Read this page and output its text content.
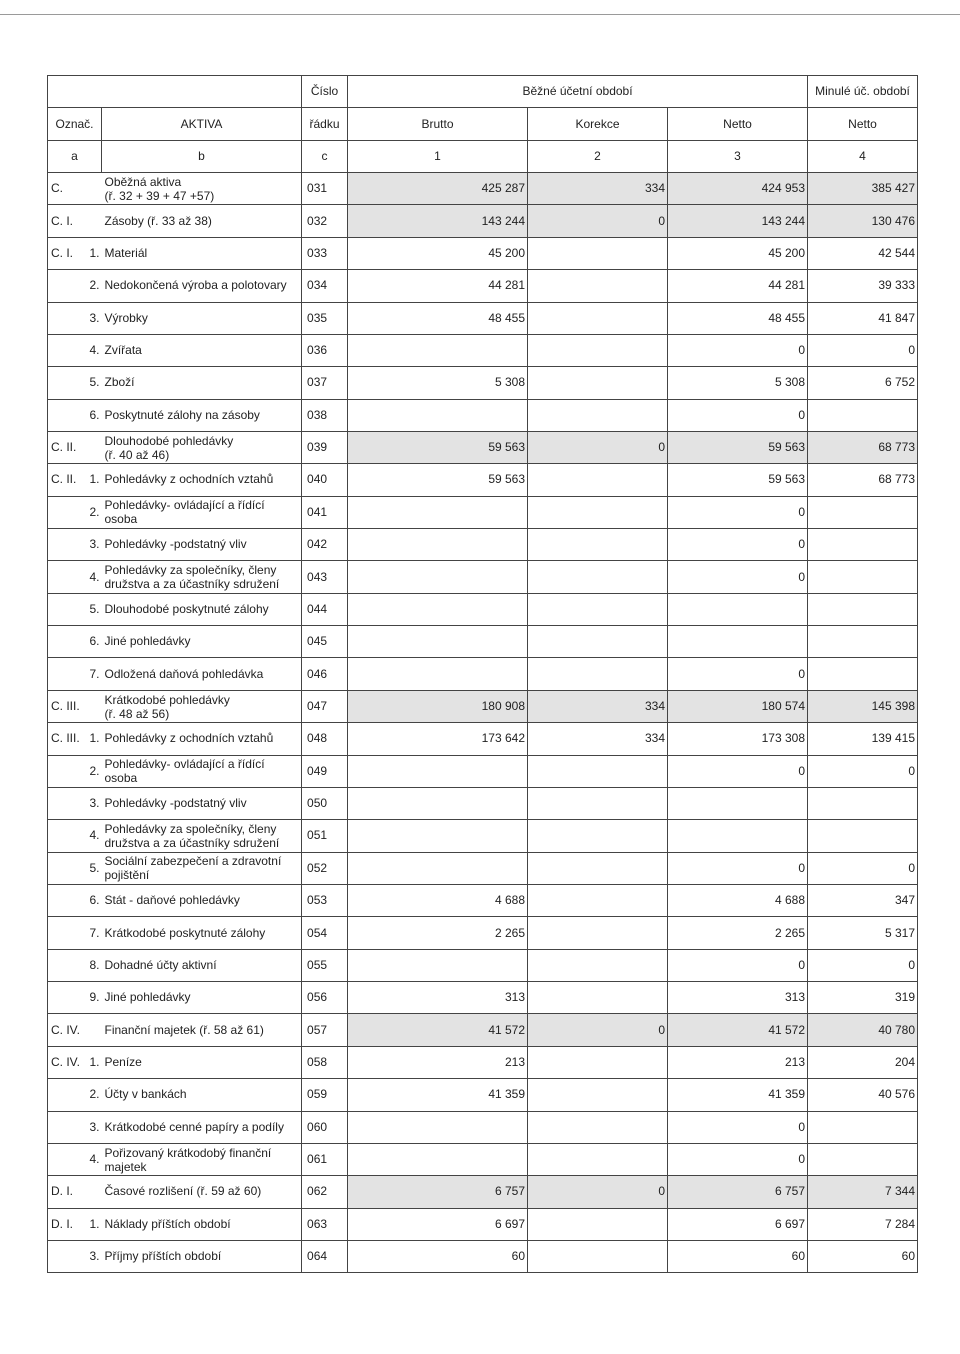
			Číslo	Běžné účetní období			Minulé úč. období
Označ.		AKTIVA	řádku	Brutto	Korekce	Netto	Netto
a		b	c	1	2	3	4
C.		Oběžná aktiva
(ř. 32 + 39 + 47 +57)	031	425 287	334	424 953	385 427
C. I.		Zásoby (ř. 33 až 38)	032	143 244	0	143 244	130 476
C. I.	1.	Materiál	033	45 200		45 200	42 544
	2.	Nedokončená výroba a polotovary	034	44 281		44 281	39 333
	3.	Výrobky	035	48 455		48 455	41 847
	4.	Zvířata	036			0	0
	5.	Zboží	037	5 308		5 308	6 752
	6.	Poskytnuté zálohy na zásoby	038			0	
C. II.		Dlouhodobé pohledávky
(ř. 40 až 46)	039	59 563	0	59 563	68 773
C. II.	1.	Pohledávky z ochodních vztahů	040	59 563		59 563	68 773
	2.	Pohledávky- ovládající a řídící
osoba	041			0	
	3.	Pohledávky -podstatný vliv	042			0	
	4.	Pohledávky za společníky, členy
družstva a za účastníky sdružení	043			0	
	5.	Dlouhodobé poskytnuté zálohy	044				
	6.	Jiné pohledávky	045				
	7.	Odložená daňová pohledávka	046			0	
C. III.		Krátkodobé pohledávky
(ř. 48 až 56)	047	180 908	334	180 574	145 398
C. III.	1.	Pohledávky z ochodních vztahů	048	173 642	334	173 308	139 415
	2.	Pohledávky- ovládající a řídící
osoba	049			0	0
	3.	Pohledávky -podstatný vliv	050				
	4.	Pohledávky za společníky, členy
družstva a za účastníky sdružení	051				
	5.	Sociální zabezpečení a zdravotní
pojištění	052			0	0
	6.	Stát - daňové pohledávky	053	4 688		4 688	347
	7.	Krátkodobé poskytnuté zálohy	054	2 265		2 265	5 317
	8.	Dohadné účty aktivní	055			0	0
	9.	Jiné pohledávky	056	313		313	319
C. IV.		Finanční majetek (ř. 58 až 61)	057	41 572	0	41 572	40 780
C. IV.	1.	Peníze	058	213		213	204
	2.	Účty v bankách	059	41 359		41 359	40 576
	3.	Krátkodobé cenné papíry a podíly	060			0	
	4.	Pořizovaný krátkodobý finanční
majetek	061			0	
D. I.		Časové rozlišení (ř. 59 až 60)	062	6 757	0	6 757	7 344
D. I.	1.	Náklady příštích období	063	6 697		6 697	7 284
	3.	Příjmy příštích období	064	60		60	60
